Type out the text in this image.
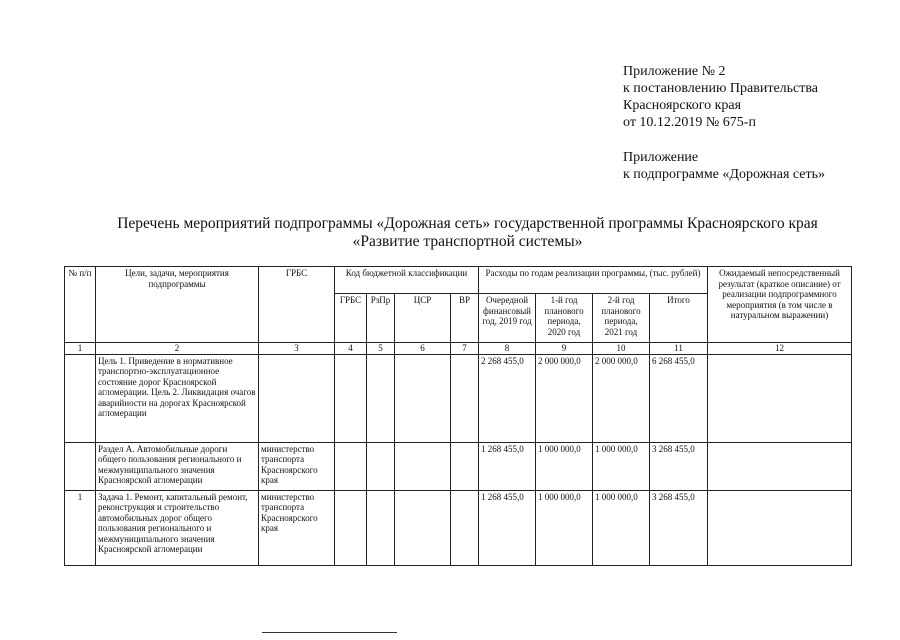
Приложение № 2
к постановлению Правительства
Красноярского края
от 10.12.2019 № 675-п
Приложение
к подпрограмме «Дорожная сеть»
Перечень мероприятий подпрограммы «Дорожная сеть» государственной программы Красноярского края
«Развитие транспортной системы»
№ п/п	Цели, задачи, мероприятия подпрограммы	ГРБС	Код бюджетной классификации				Расходы по годам реализации программы, (тыс. рублей)				Ожидаемый непосредственный результат (краткое описание) от реализации подпрограммного мероприятия (в том числе в натуральном выражении)
			ГРБС	РзПр	ЦСР	ВР	Очередной финансовый год, 2019 год	1-й год планового периода, 2020 год	2-й год планового периода, 2021 год	Итого	
1	2	3	4	5	6	7	8	9	10	11	12
	Цель 1. Приведение в нормативное транспортно-эксплуатационное состояние дорог Красноярской агломерации. Цель 2. Ликвидация очагов аварийности на дорогах Красноярской агломерации						2 268 455,0	2 000 000,0	2 000 000,0	6 268 455,0	
	Раздел А. Автомобильные дороги общего пользования регионального и межмуниципального значения Красноярской агломерации	министерство транспорта Красноярского края					1 268 455,0	1 000 000,0	1 000 000,0	3 268 455,0	
1	Задача 1. Ремонт, капитальный ремонт, реконструкция и строительство автомобильных дорог общего пользования регионального и межмуниципального значения Красноярской агломерации	министерство транспорта Красноярского края					1 268 455,0	1 000 000,0	1 000 000,0	3 268 455,0	
